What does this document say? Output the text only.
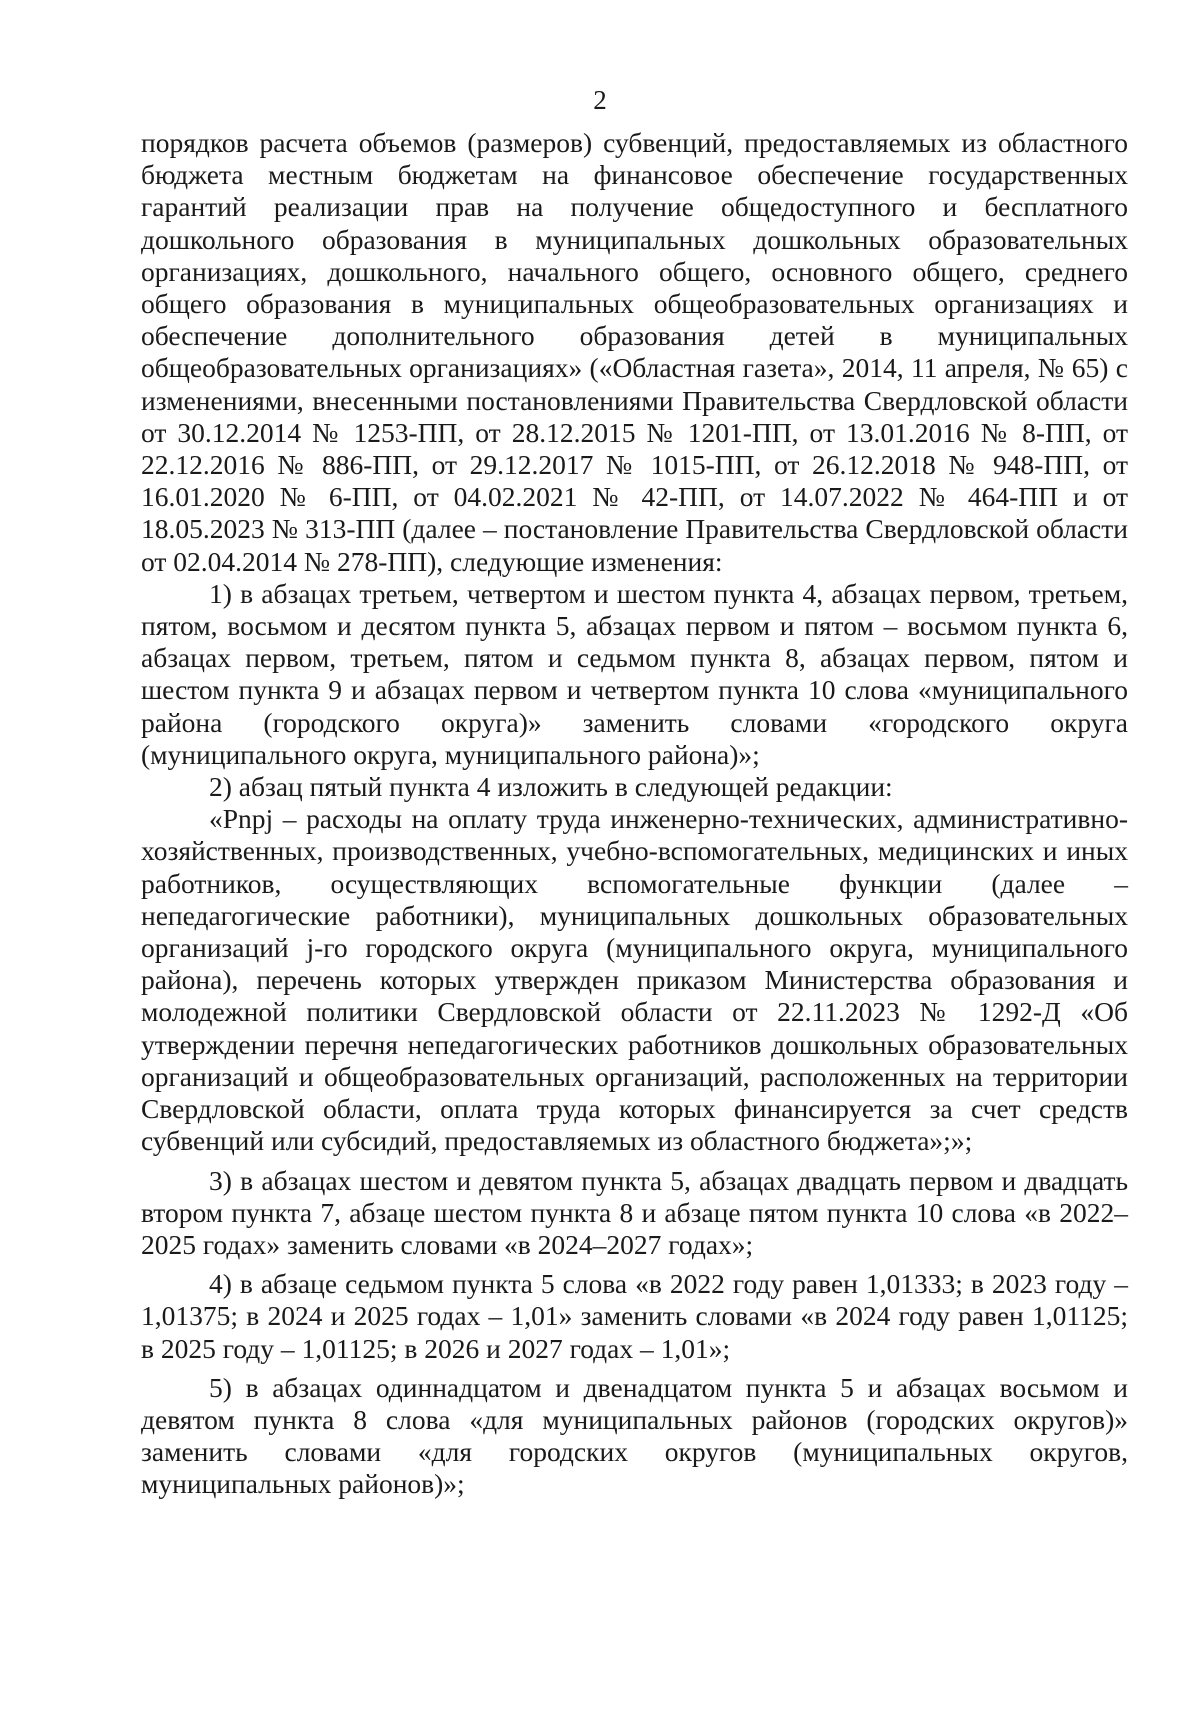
2

порядков расчета объемов (размеров) субвенций, предоставляемых из областного бюджета местным бюджетам на финансовое обеспечение государственных гарантий реализации прав на получение общедоступного и бесплатного дошкольного образования в муниципальных дошкольных образовательных организациях, дошкольного, начального общего, основного общего, среднего общего образования в муниципальных общеобразовательных организациях и обеспечение дополнительного образования детей в муниципальных общеобразовательных организациях» («Областная газета», 2014, 11 апреля, № 65) с изменениями, внесенными постановлениями Правительства Свердловской области от 30.12.2014 № 1253-ПП, от 28.12.2015 № 1201-ПП, от 13.01.2016 № 8-ПП, от 22.12.2016 № 886-ПП, от 29.12.2017 № 1015-ПП, от 26.12.2018 № 948-ПП, от 16.01.2020 № 6-ПП, от 04.02.2021 № 42-ПП, от 14.07.2022 № 464-ПП и от 18.05.2023 № 313-ПП (далее – постановление Правительства Свердловской области от 02.04.2014 № 278-ПП), следующие изменения:

1) в абзацах третьем, четвертом и шестом пункта 4, абзацах первом, третьем, пятом, восьмом и десятом пункта 5, абзацах первом и пятом – восьмом пункта 6, абзацах первом, третьем, пятом и седьмом пункта 8, абзацах первом, пятом и шестом пункта 9 и абзацах первом и четвертом пункта 10 слова «муниципального района (городского округа)» заменить словами «городского округа (муниципального округа, муниципального района)»;

2) абзац пятый пункта 4 изложить в следующей редакции:

«Pnpj – расходы на оплату труда инженерно-технических, административно-хозяйственных, производственных, учебно-вспомогательных, медицинских и иных работников, осуществляющих вспомогательные функции (далее – непедагогические работники), муниципальных дошкольных образовательных организаций j-го городского округа (муниципального округа, муниципального района), перечень которых утвержден приказом Министерства образования и молодежной политики Свердловской области от 22.11.2023 № 1292-Д «Об утверждении перечня непедагогических работников дошкольных образовательных организаций и общеобразовательных организаций, расположенных на территории Свердловской области, оплата труда которых финансируется за счет средств субвенций или субсидий, предоставляемых из областного бюджета»;»;

3) в абзацах шестом и девятом пункта 5, абзацах двадцать первом и двадцать втором пункта 7, абзаце шестом пункта 8 и абзаце пятом пункта 10 слова «в 2022–2025 годах» заменить словами «в 2024–2027 годах»;

4) в абзаце седьмом пункта 5 слова «в 2022 году равен 1,01333; в 2023 году – 1,01375; в 2024 и 2025 годах – 1,01» заменить словами «в 2024 году равен 1,01125; в 2025 году – 1,01125; в 2026 и 2027 годах – 1,01»;

5) в абзацах одиннадцатом и двенадцатом пункта 5 и абзацах восьмом и девятом пункта 8 слова «для муниципальных районов (городских округов)» заменить словами «для городских округов (муниципальных округов, муниципальных районов)»;
